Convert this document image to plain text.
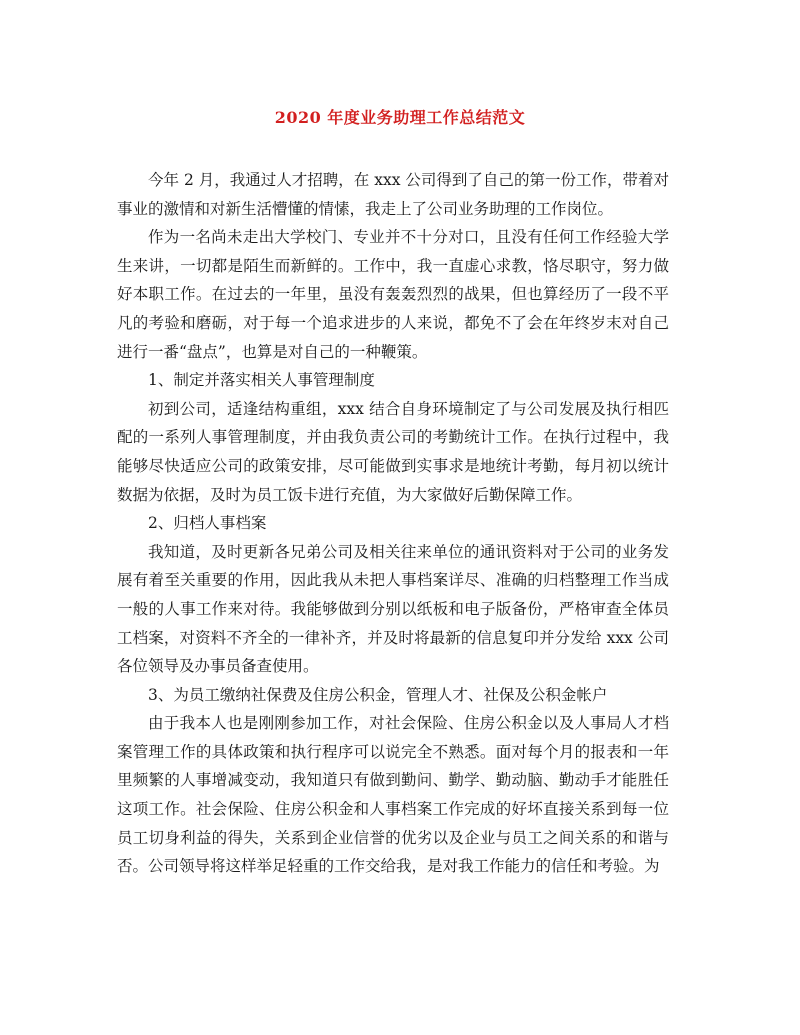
2020 年度业务助理工作总结范文

今年 2 月，我通过人才招聘，在 xxx 公司得到了自己的第一份工作，带着对事业的激情和对新生活懵懂的情愫，我走上了公司业务助理的工作岗位。

作为一名尚未走出大学校门、专业并不十分对口，且没有任何工作经验大学生来讲，一切都是陌生而新鲜的。工作中，我一直虚心求教，恪尽职守，努力做好本职工作。在过去的一年里，虽没有轰轰烈烈的战果，但也算经历了一段不平凡的考验和磨砺，对于每一个追求进步的人来说，都免不了会在年终岁末对自己进行一番“盘点”，也算是对自己的一种鞭策。

1、制定并落实相关人事管理制度

初到公司，适逢结构重组，xxx 结合自身环境制定了与公司发展及执行相匹配的一系列人事管理制度，并由我负责公司的考勤统计工作。在执行过程中，我能够尽快适应公司的政策安排，尽可能做到实事求是地统计考勤，每月初以统计数据为依据，及时为员工饭卡进行充值，为大家做好后勤保障工作。

2、归档人事档案

我知道，及时更新各兄弟公司及相关往来单位的通讯资料对于公司的业务发展有着至关重要的作用，因此我从未把人事档案详尽、准确的归档整理工作当成一般的人事工作来对待。我能够做到分别以纸板和电子版备份，严格审查全体员工档案，对资料不齐全的一律补齐，并及时将最新的信息复印并分发给 xxx 公司各位领导及办事员备查使用。

3、为员工缴纳社保费及住房公积金，管理人才、社保及公积金帐户

由于我本人也是刚刚参加工作，对社会保险、住房公积金以及人事局人才档案管理工作的具体政策和执行程序可以说完全不熟悉。面对每个月的报表和一年里频繁的人事增减变动，我知道只有做到勤问、勤学、勤动脑、勤动手才能胜任这项工作。社会保险、住房公积金和人事档案工作完成的好坏直接关系到每一位员工切身利益的得失，关系到企业信誉的优劣以及企业与员工之间关系的和谐与否。公司领导将这样举足轻重的工作交给我，是对我工作能力的信任和考验。为
